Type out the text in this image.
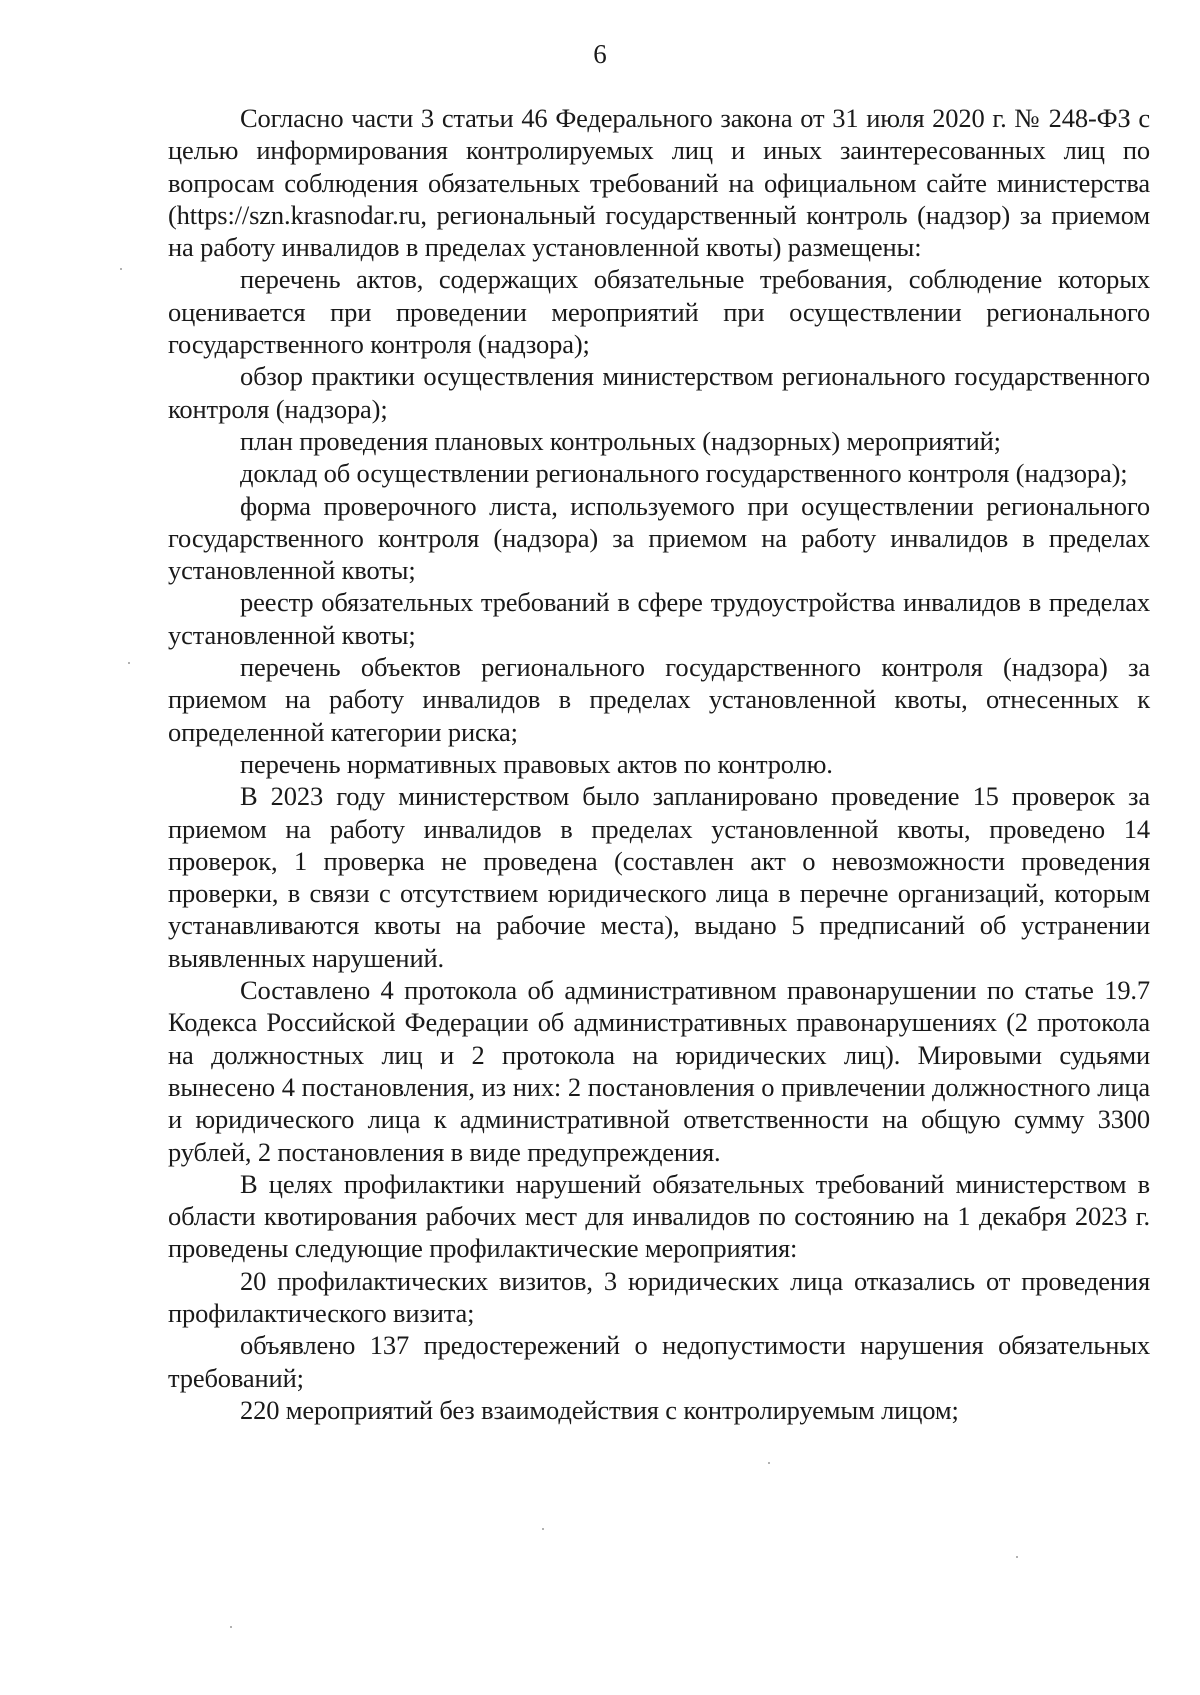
6

Согласно части 3 статьи 46 Федерального закона от 31 июля 2020 г. № 248-ФЗ с целью информирования контролируемых лиц и иных заинтересованных лиц по вопросам соблюдения обязательных требований на официальном сайте министерства (https://szn.krasnodar.ru, региональный государственный контроль (надзор) за приемом на работу инвалидов в пределах установленной квоты) размещены:

перечень актов, содержащих обязательные требования, соблюдение которых оценивается при проведении мероприятий при осуществлении регионального государственного контроля (надзора);

обзор практики осуществления министерством регионального государственного контроля (надзора);

план проведения плановых контрольных (надзорных) мероприятий;

доклад об осуществлении регионального государственного контроля (надзора);

форма проверочного листа, используемого при осуществлении регионального государственного контроля (надзора) за приемом на работу инвалидов в пределах установленной квоты;

реестр обязательных требований в сфере трудоустройства инвалидов в пределах установленной квоты;

перечень объектов регионального государственного контроля (надзора) за приемом на работу инвалидов в пределах установленной квоты, отнесенных к определенной категории риска;

перечень нормативных правовых актов по контролю.

В 2023 году министерством было запланировано проведение 15 проверок за приемом на работу инвалидов в пределах установленной квоты, проведено 14 проверок, 1 проверка не проведена (составлен акт о невозможности проведения проверки, в связи с отсутствием юридического лица в перечне организаций, которым устанавливаются квоты на рабочие места), выдано 5 предписаний об устранении выявленных нарушений.

Составлено 4 протокола об административном правонарушении по статье 19.7 Кодекса Российской Федерации об административных правонарушениях (2 протокола на должностных лиц и 2 протокола на юридических лиц). Мировыми судьями вынесено 4 постановления, из них: 2 постановления о привлечении должностного лица и юридического лица к административной ответственности на общую сумму 3300 рублей, 2 постановления в виде предупреждения.

В целях профилактики нарушений обязательных требований министерством в области квотирования рабочих мест для инвалидов по состоянию на 1 декабря 2023 г. проведены следующие профилактические мероприятия:

20 профилактических визитов, 3 юридических лица отказались от проведения профилактического визита;

объявлено 137 предостережений о недопустимости нарушения обязательных требований;

220 мероприятий без взаимодействия с контролируемым лицом;
